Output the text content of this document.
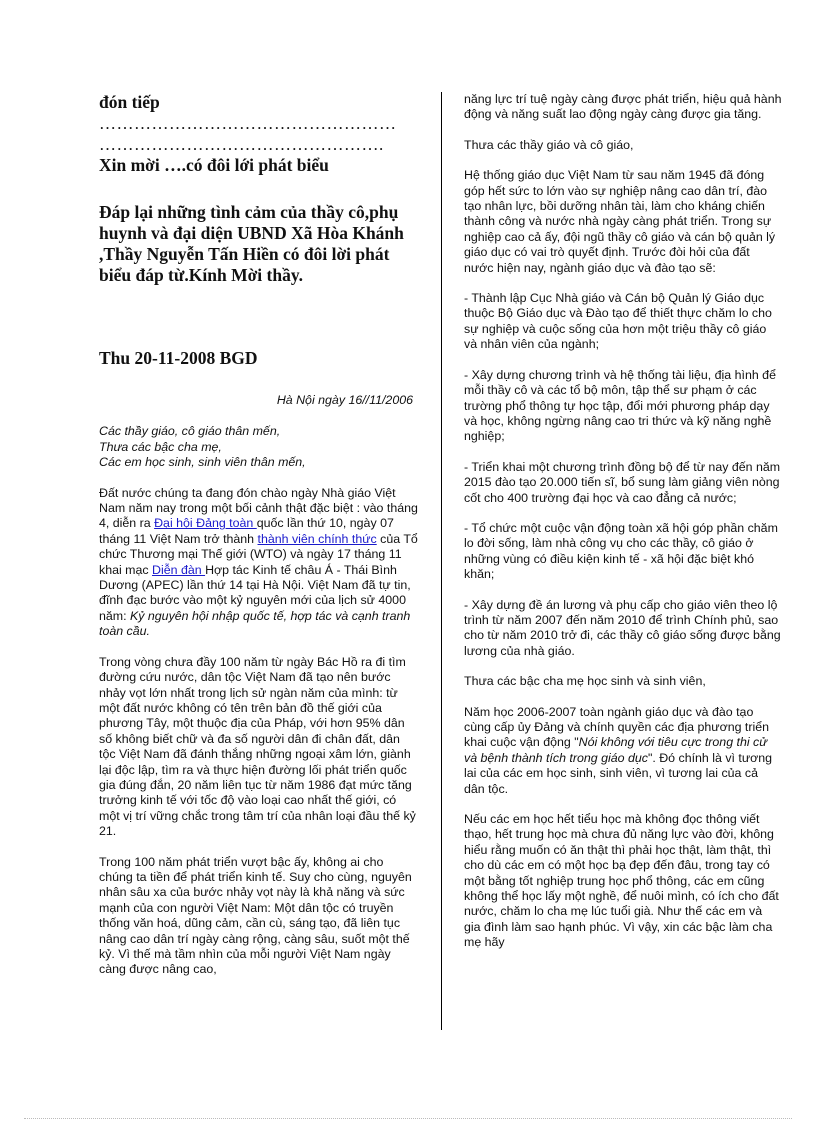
đón tiếp

……………………………………………

………………………………………….

Xin mời ….có đôi lới phát biểu

Đáp lại những tình cảm của thầy cô,phụ huynh và đại diện UBND Xã Hòa Khánh ,Thầy Nguyễn Tấn Hiền có đôi lời phát biểu đáp từ.Kính Mời thầy.

Thu 20-11-2008 BGD

Hà Nội ngày 16//11/2006

Các thầy giáo, cô giáo thân mến,
Thưa các bậc cha mẹ,
Các em học sinh, sinh viên thân mến,

Đất nước chúng ta đang đón chào ngày Nhà giáo Việt Nam năm nay trong một bối cảnh thật đặc biệt : vào tháng 4, diễn ra Đại hội Đảng toàn quốc lần thứ 10, ngày 07 tháng 11 Việt Nam trở thành thành viên chính thức của Tổ chức Thương mại Thế giới (WTO) và ngày 17 tháng 11 khai mạc Diễn đàn Hợp tác Kinh tế châu Á - Thái Bình Dương (APEC) lần thứ 14 tại Hà Nội. Việt Nam đã tự tin, đĩnh đạc bước vào một kỷ nguyên mới của lịch sử 4000 năm: Kỷ nguyên hội nhập quốc tế, hợp tác và cạnh tranh toàn cầu.

Trong vòng chưa đầy 100 năm từ ngày Bác Hồ ra đi tìm đường cứu nước, dân tộc Việt Nam đã tạo nên bước nhảy vọt lớn nhất trong lịch sử ngàn năm của mình: từ một đất nước không có tên trên bản đồ thế giới của phương Tây, một thuộc địa của Pháp, với hơn 95% dân số không biết chữ và đa số người dân đi chân đất, dân tộc Việt Nam đã đánh thắng những ngoại xâm lớn, giành lại độc lập, tìm ra và thực hiện đường lối phát triển quốc gia đúng đắn, 20 năm liên tục từ năm 1986 đạt mức tăng trưởng kinh tế với tốc độ vào loại cao nhất thế giới, có một vị trí vững chắc trong tâm trí của nhân loại đầu thế kỷ 21.

Trong 100 năm phát triển vượt bậc ấy, không ai cho chúng ta tiền để phát triển kinh tế. Suy cho cùng, nguyên nhân sâu xa của bước nhảy vọt này là khả năng và sức mạnh của con người Việt Nam: Một dân tộc có truyền thống văn hoá, dũng cảm, cần cù, sáng tạo, đã liên tục nâng cao dân trí ngày càng rộng, càng sâu, suốt một thế kỷ. Vì thế mà tầm nhìn của mỗi người Việt Nam ngày càng được nâng cao,

năng lực trí tuệ ngày càng được phát triển, hiệu quả hành động và năng suất lao động ngày càng được gia tăng.

Thưa các thầy giáo và cô giáo,

Hệ thống giáo dục Việt Nam từ sau năm 1945 đã đóng góp hết sức to lớn vào sự nghiệp nâng cao dân trí, đào tạo nhân lực, bồi dưỡng nhân tài, làm cho kháng chiến thành công và nước nhà ngày càng phát triển. Trong sự nghiệp cao cả ấy, đội ngũ thầy cô giáo và cán bộ quản lý giáo dục có vai trò quyết định. Trước đòi hỏi của đất nước hiện nay, ngành giáo dục và đào tạo sẽ:

- Thành lập Cục Nhà giáo và Cán bộ Quản lý Giáo dục thuộc Bộ Giáo dục và Đào tạo để thiết thực chăm lo cho sự nghiệp và cuộc sống của hơn một triệu thầy cô giáo và nhân viên của ngành;

- Xây dựng chương trình và hệ thống tài liệu, địa hình để mỗi thầy cô và các tổ bộ môn, tập thể sư phạm ở các trường phổ thông tự học tập, đổi mới phương pháp dạy và học, không ngừng nâng cao tri thức và kỹ năng nghề nghiệp;

- Triển khai một chương trình đồng bộ để từ nay đến năm 2015 đào tạo 20.000 tiến sĩ, bổ sung làm giảng viên nòng cốt cho 400 trường đại học và cao đẳng cả nước;

- Tổ chức một cuộc vận động toàn xã hội góp phần chăm lo đời sống, làm nhà công vụ cho các thầy, cô giáo ở những vùng có điều kiện kinh tế - xã hội đặc biệt khó khăn;

- Xây dựng đề án lương và phụ cấp cho giáo viên theo lộ trình từ năm 2007 đến năm 2010 để trình Chính phủ, sao cho từ năm 2010 trở đi, các thầy cô giáo sống được bằng lương của nhà giáo.

Thưa các bậc cha mẹ học sinh và sinh viên,

Năm học 2006-2007 toàn ngành giáo dục và đào tạo cùng cấp ủy Đảng và chính quyền các địa phương triển khai cuộc vận động "Nói không với tiêu cực trong thi cử và bệnh thành tích trong giáo dục". Đó chính là vì tương lai của các em học sinh, sinh viên, vì tương lai của cả dân tộc.

Nếu các em học hết tiểu học mà không đọc thông viết thạo, hết trung học mà chưa đủ năng lực vào đời, không hiểu rằng muốn có ăn thật thì phải học thật, làm thật, thì cho dù các em có một học bạ đẹp đến đâu, trong tay có một bằng tốt nghiệp trung học phổ thông, các em cũng không thể học lấy một nghề, để nuôi mình, có ích cho đất nước, chăm lo cha mẹ lúc tuổi già. Như thế các em và gia đình làm sao hạnh phúc. Vì vậy, xin các bậc làm cha mẹ hãy
